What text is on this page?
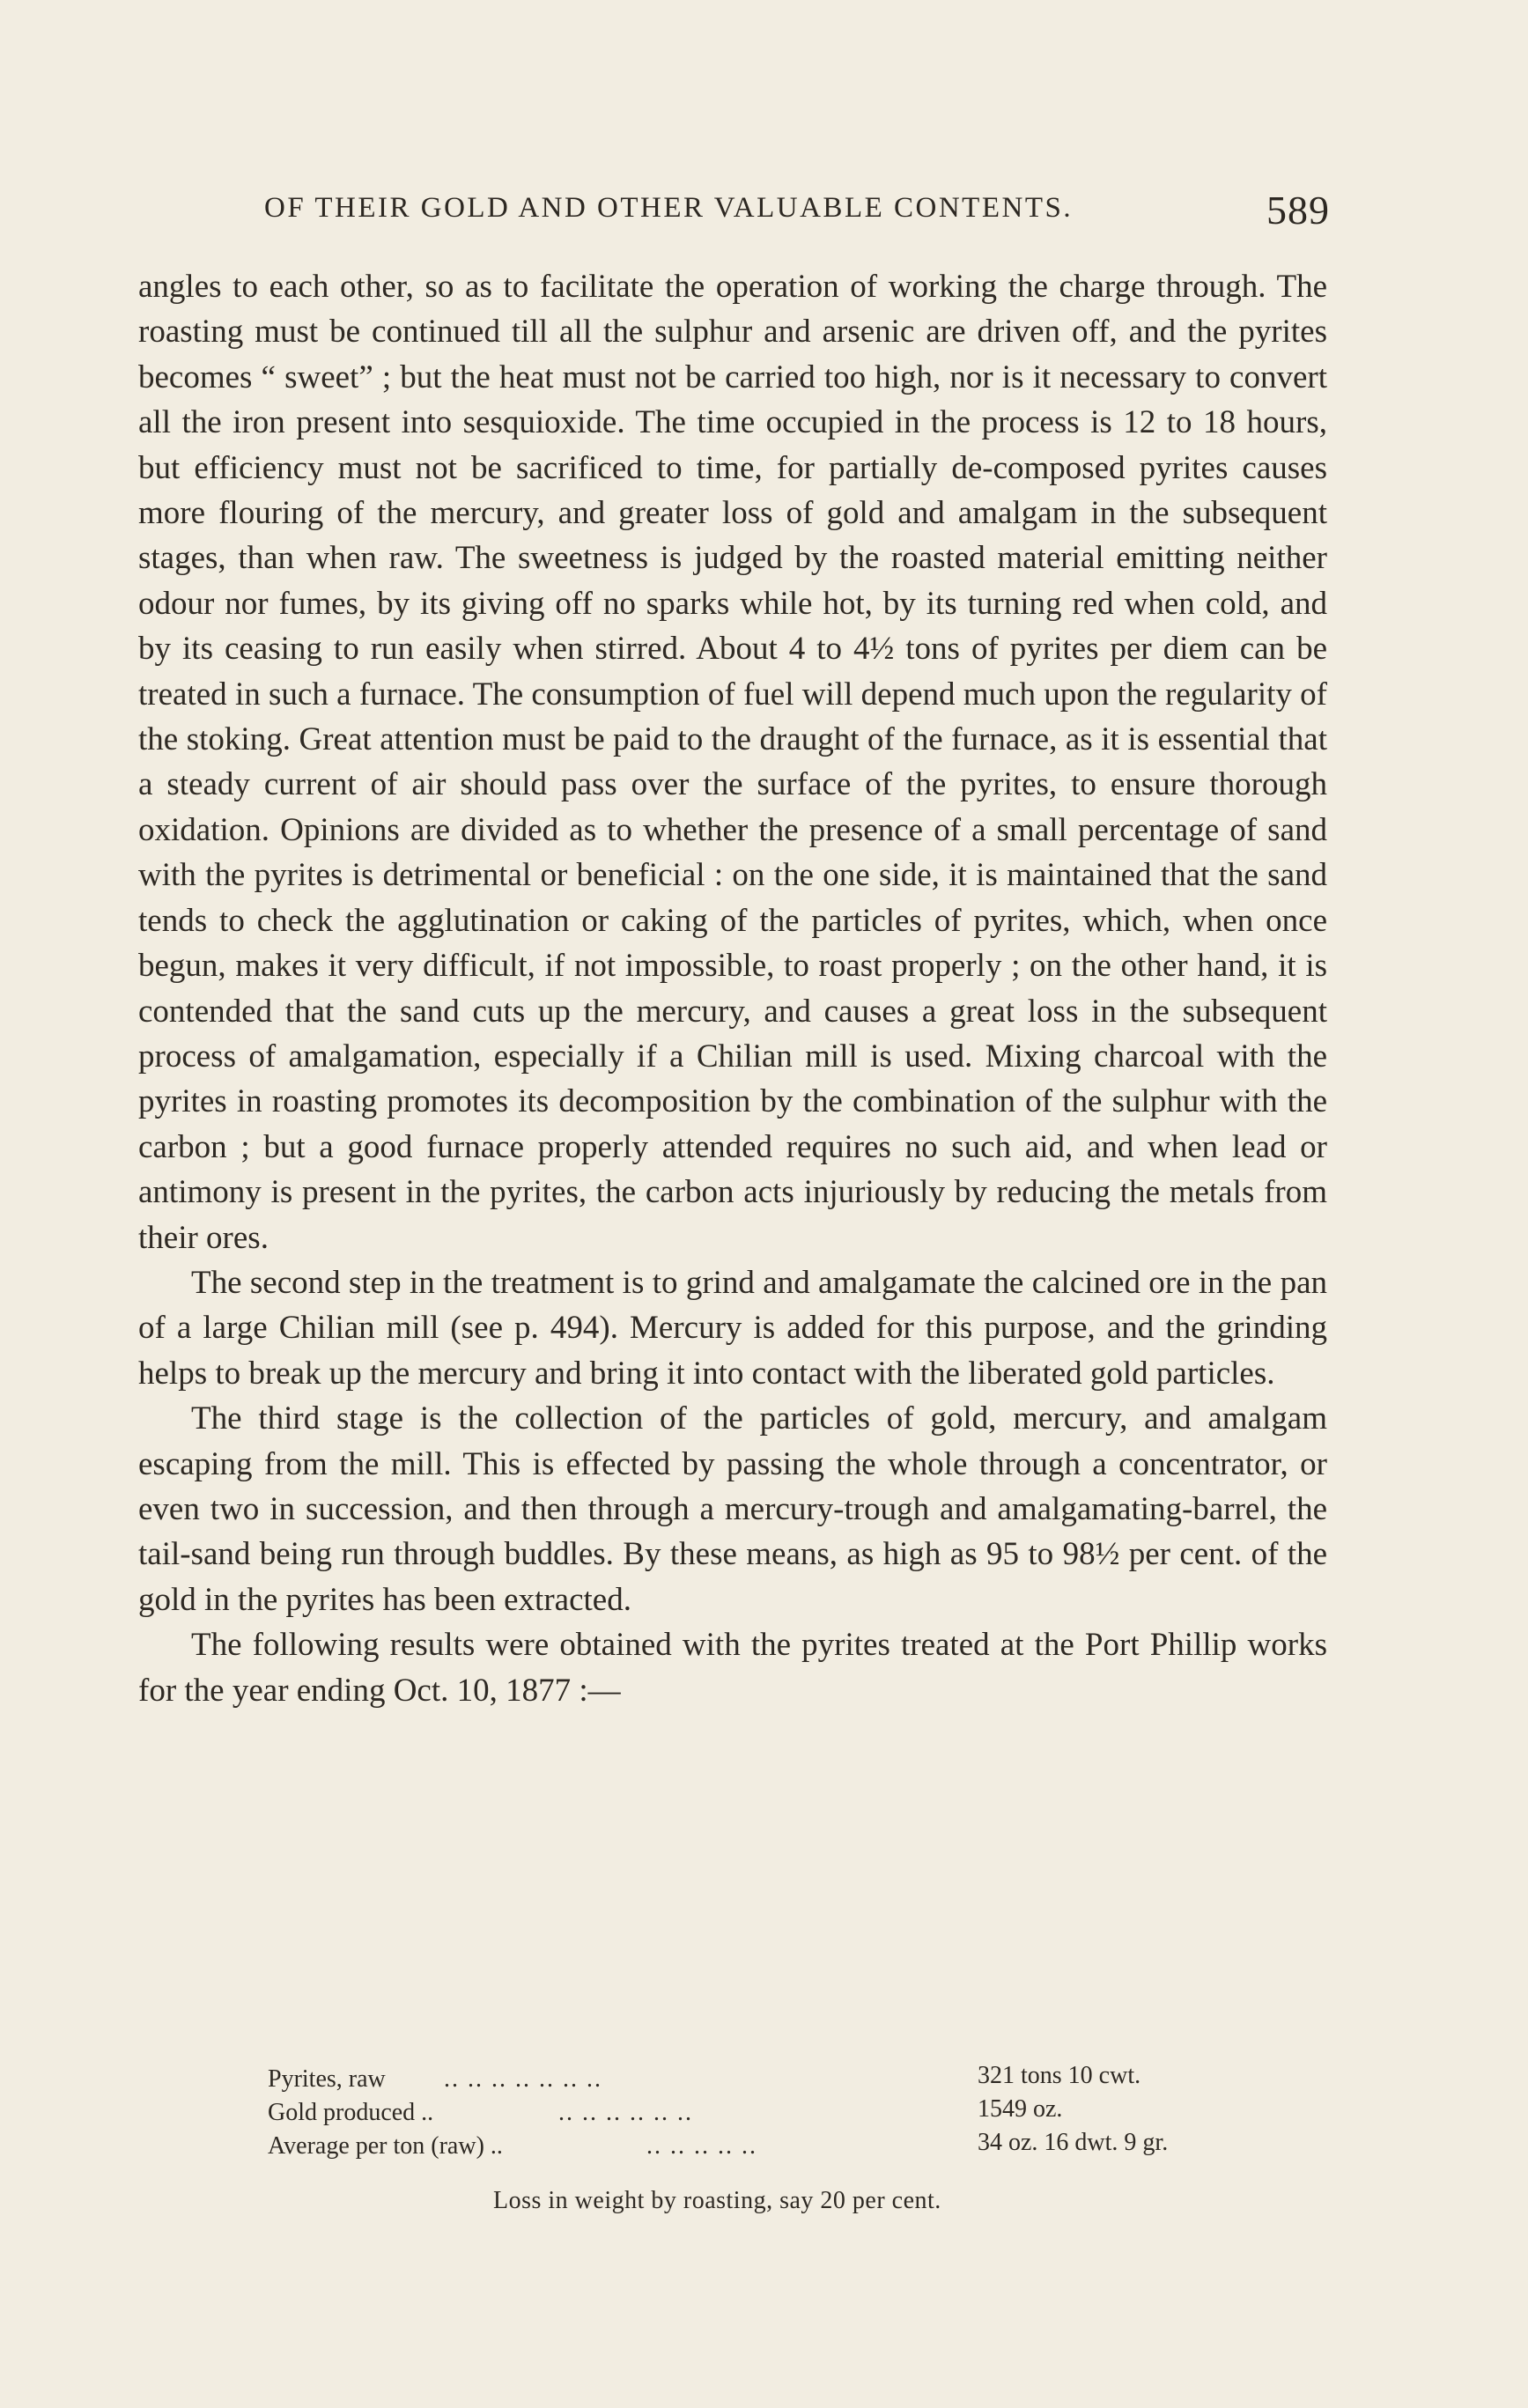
OF THEIR GOLD AND OTHER VALUABLE CONTENTS.	589

angles to each other, so as to facilitate the operation of working the charge through. The roasting must be continued till all the sulphur and arsenic are driven off, and the pyrites becomes “ sweet” ; but the heat must not be carried too high, nor is it necessary to convert all the iron present into sesquioxide. The time occupied in the process is 12 to 18 hours, but efficiency must not be sacrificed to time, for partially de-composed pyrites causes more flouring of the mercury, and greater loss of gold and amalgam in the subsequent stages, than when raw. The sweetness is judged by the roasted material emitting neither odour nor fumes, by its giving off no sparks while hot, by its turning red when cold, and by its ceasing to run easily when stirred. About 4 to 4½ tons of pyrites per diem can be treated in such a furnace. The consumption of fuel will depend much upon the regularity of the stoking. Great attention must be paid to the draught of the furnace, as it is essential that a steady current of air should pass over the surface of the pyrites, to ensure thorough oxidation. Opinions are divided as to whether the presence of a small percentage of sand with the pyrites is detrimental or beneficial : on the one side, it is maintained that the sand tends to check the agglutination or caking of the particles of pyrites, which, when once begun, makes it very difficult, if not impossible, to roast properly ; on the other hand, it is contended that the sand cuts up the mercury, and causes a great loss in the subsequent process of amalgamation, especially if a Chilian mill is used. Mixing charcoal with the pyrites in roasting promotes its decomposition by the combination of the sulphur with the carbon ; but a good furnace properly attended requires no such aid, and when lead or antimony is present in the pyrites, the carbon acts injuriously by reducing the metals from their ores.

The second step in the treatment is to grind and amalgamate the calcined ore in the pan of a large Chilian mill (see p. 494). Mercury is added for this purpose, and the grinding helps to break up the mercury and bring it into contact with the liberated gold particles.

The third stage is the collection of the particles of gold, mercury, and amalgam escaping from the mill. This is effected by passing the whole through a concentrator, or even two in succession, and then through a mercury-trough and amalgamating-barrel, the tail-sand being run through buddles. By these means, as high as 95 to 98½ per cent. of the gold in the pyrites has been extracted.

The following results were obtained with the pyrites treated at the Port Phillip works for the year ending Oct. 10, 1877 :—

Pyrites, raw .. .. .. .. .. .. ..	321 tons 10 cwt.
Gold produced ..	.. .. .. .. .. ..	1549 oz.
Average per ton (raw) ..	.. .. .. .. ..	34 oz. 16 dwt. 9 gr.
Loss in weight by roasting, say 20 per cent.
